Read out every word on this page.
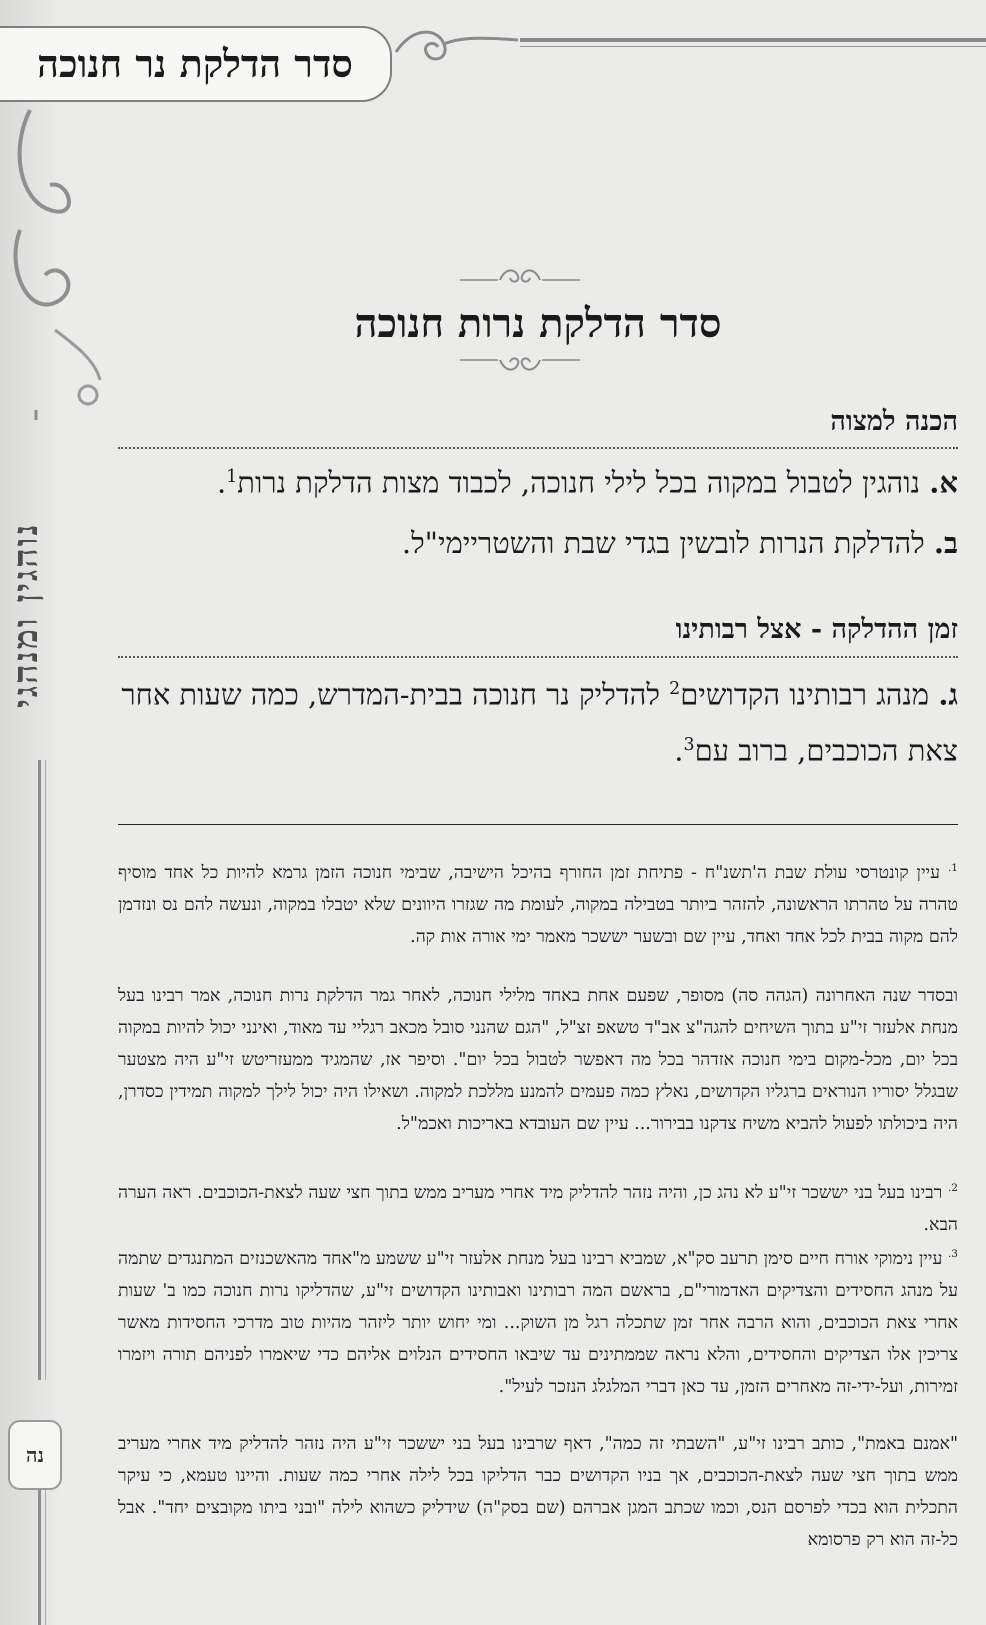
נוהגין ומנהגי
נה
סדר הדלקת נר חנוכה
סדר הדלקת נרות חנוכה
הכנה למצוה
א. נוהגין לטבול במקוה בכל לילי חנוכה, לכבוד מצות הדלקת נרות$^1$.
ב. להדלקת הנרות לובשין בגדי שבת והשטריימי"ל.
זמן ההדלקה - אצל רבותינו
ג. מנהג רבותינו הקדושים$^2$ להדליק נר חנוכה בבית-המדרש, כמה שעות אחר צאת הכוכבים, ברוב עם$^3$.
$^{1.}$ עיין קונטרסי עולת שבת ה'תשנ"ח - פתיחת זמן החורף בהיכל הישיבה, שבימי חנוכה הזמן גרמא להיות כל אחד מוסיף טהרה על טהרתו הראשונה, להזהר ביותר בטבילה במקוה, לעומת מה שגזרו היוונים שלא יטבלו במקוה, ונעשה להם נס ונזדמן להם מקוה בבית לכל אחד ואחד, עיין שם ובשער יששכר מאמר ימי אורה אות קה.
ובסדר שנה האחרונה (הגהה סה) מסופר, שפעם אחת באחד מלילי חנוכה, לאחר גמר הדלקת נרות חנוכה, אמר רבינו בעל מנחת אלעזר זי"ע בתוך השיחים להגה"צ אב"ד טשאפ זצ"ל, "הגם שהנני סובל מכאב רגליי עד מאוד, ואינני יכול להיות במקוה בכל יום, מכל-מקום בימי חנוכה אזדהר בכל מה דאפשר לטבול בכל יום". וסיפר אז, שהמגיד ממעזריטש זי"ע היה מצטער שבגלל יסוריו הנוראים ברגליו הקדושים, נאלץ כמה פעמים להמנע מללכת למקוה. ושאילו היה יכול לילך למקוה תמידין כסדרן, היה ביכולתו לפעול להביא משיח צדקנו בבירור... עיין שם העובדא באריכות ואכמ"ל.
$^{2.}$ רבינו בעל בני יששכר זי"ע לא נהג כן, והיה נזהר להדליק מיד אחרי מעריב ממש בתוך חצי שעה לצאת-הכוכבים. ראה הערה הבא.
$^{3.}$ עיין נימוקי אורח חיים סימן תרעב סק"א, שמביא רבינו בעל מנחת אלעזר זי"ע ששמע מ"אחד מהאשכנזים המתנגדים שתמה על מנהג החסידים והצדיקים האדמורי"ם, בראשם המה רבותינו ואבותינו הקדושים זי"ע, שהדליקו נרות חנוכה כמו ב' שעות אחרי צאת הכוכבים, והוא הרבה אחר זמן שתכלה רגל מן השוק... ומי יחוש יותר ליזהר מהיות טוב מדרכי החסידות מאשר צריכין אלו הצדיקים והחסידים, והלא נראה שממתינים עד שיבאו החסידים הנלוים אליהם כדי שיאמרו לפניהם תורה ויזמרו זמירות, ועל-ידי-זה מאחרים הזמן, עד כאן דברי המלגלג הנזכר לעיל".
"אמנם באמת", כותב רבינו זי"ע, "השבתי זה כמה", דאף שרבינו בעל בני יששכר זי"ע היה נזהר להדליק מיד אחרי מעריב ממש בתוך חצי שעה לצאת-הכוכבים, אך בניו הקדושים כבר הדליקו בכל לילה אחרי כמה שעות. והיינו טעמא, כי עיקר התכלית הוא בכדי לפרסם הנס, וכמו שכתב המגן אברהם (שם בסק"ה) שידליק כשהוא לילה "ובני ביתו מקובצים יחד". אבל כל-זה הוא רק פרסומא
